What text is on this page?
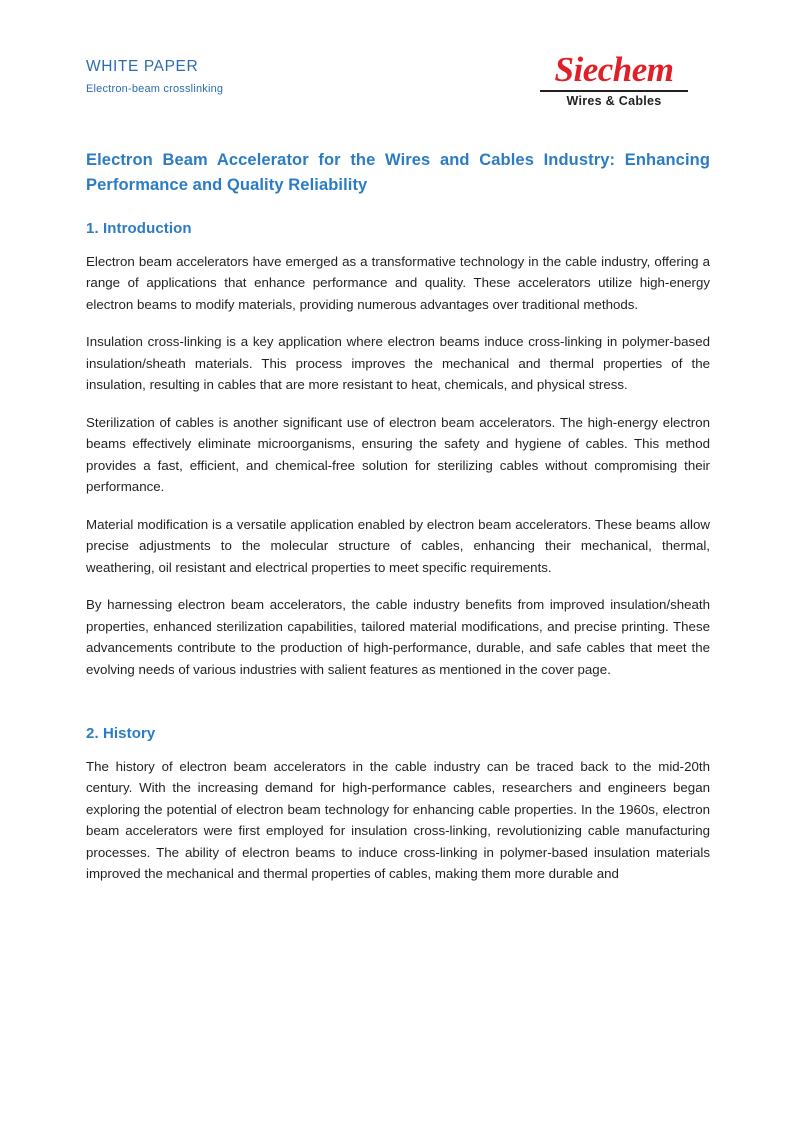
WHITE PAPER
Electron-beam crosslinking	Siechem
Wires & Cables
Electron Beam Accelerator for the Wires and Cables Industry: Enhancing Performance and Quality Reliability
1. Introduction

Electron beam accelerators have emerged as a transformative technology in the cable industry, offering a range of applications that enhance performance and quality. These accelerators utilize high-energy electron beams to modify materials, providing numerous advantages over traditional methods.

Insulation cross-linking is a key application where electron beams induce cross-linking in polymer-based insulation/sheath materials. This process improves the mechanical and thermal properties of the insulation, resulting in cables that are more resistant to heat, chemicals, and physical stress.

Sterilization of cables is another significant use of electron beam accelerators. The high-energy electron beams effectively eliminate microorganisms, ensuring the safety and hygiene of cables. This method provides a fast, efficient, and chemical-free solution for sterilizing cables without compromising their performance.

Material modification is a versatile application enabled by electron beam accelerators. These beams allow precise adjustments to the molecular structure of cables, enhancing their mechanical, thermal, weathering, oil resistant and electrical properties to meet specific requirements.

By harnessing electron beam accelerators, the cable industry benefits from improved insulation/sheath properties, enhanced sterilization capabilities, tailored material modifications, and precise printing. These advancements contribute to the production of high-performance, durable, and safe cables that meet the evolving needs of various industries with salient features as mentioned in the cover page.

2. History

The history of electron beam accelerators in the cable industry can be traced back to the mid-20th century. With the increasing demand for high-performance cables, researchers and engineers began exploring the potential of electron beam technology for enhancing cable properties. In the 1960s, electron beam accelerators were first employed for insulation cross-linking, revolutionizing cable manufacturing processes. The ability of electron beams to induce cross-linking in polymer-based insulation materials improved the mechanical and thermal properties of cables, making them more durable and
